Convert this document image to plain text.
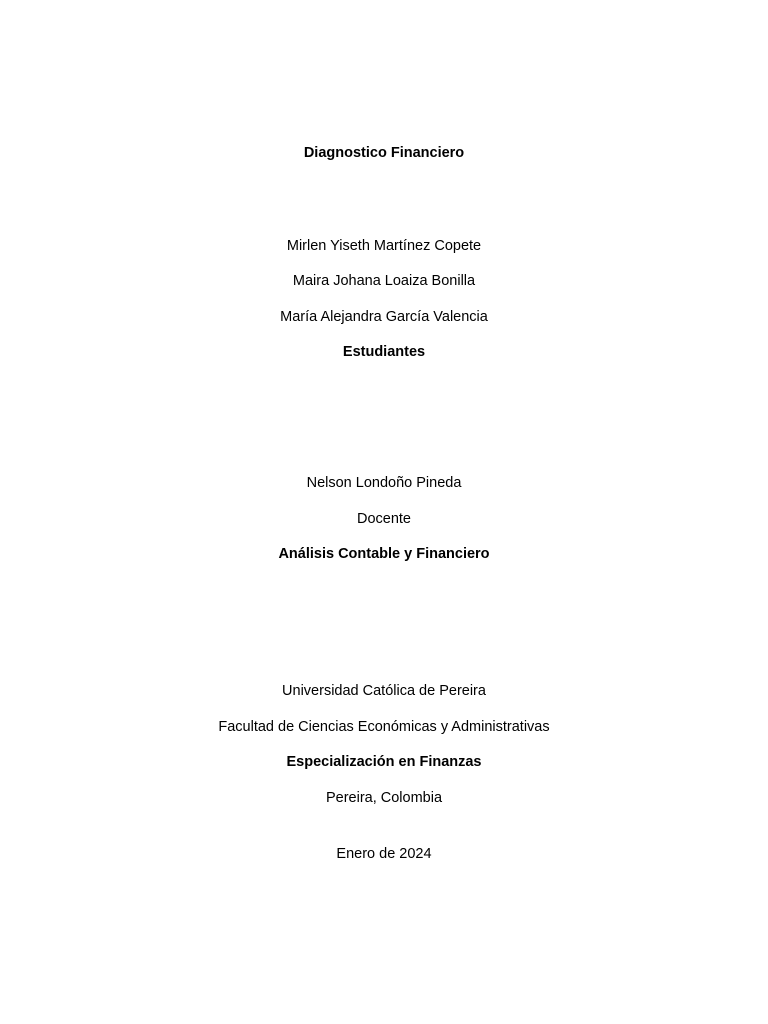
Diagnostico Financiero
Mirlen Yiseth Martínez Copete
Maira Johana Loaiza Bonilla
María Alejandra García Valencia
Estudiantes
Nelson Londoño Pineda
Docente
Análisis Contable y Financiero
Universidad Católica de Pereira
Facultad de Ciencias Económicas y Administrativas
Especialización en Finanzas
Pereira, Colombia
Enero de 2024
